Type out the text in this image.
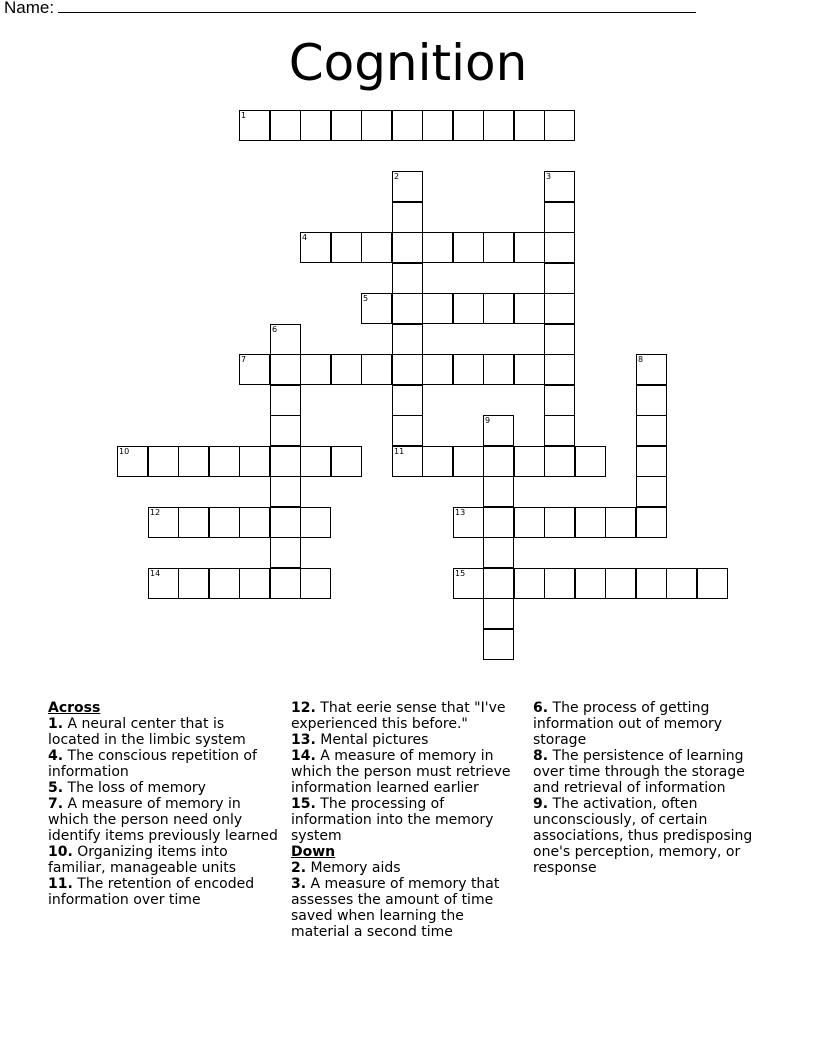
Name:
Cognition
1
2
11
3
4
5
6
7	8
9
10
12	13
14	15
Across

1. A neural center that is located in the limbic system

4. The conscious repetition of information

5. The loss of memory

7. A measure of memory in which the person need only identify items previously learned

10. Organizing items into familiar, manageable units

11. The retention of encoded information over time

12. That eerie sense that "I've experienced this before."

13. Mental pictures

14. A measure of memory in which the person must retrieve information learned earlier

15. The processing of information into the memory system

Down

2. Memory aids

3. A measure of memory that assesses the amount of time saved when learning the material a second time

6. The process of getting information out of memory storage

8. The persistence of learning over time through the storage and retrieval of information

9. The activation, often unconsciously, of certain associations, thus predisposing one's perception, memory, or response
